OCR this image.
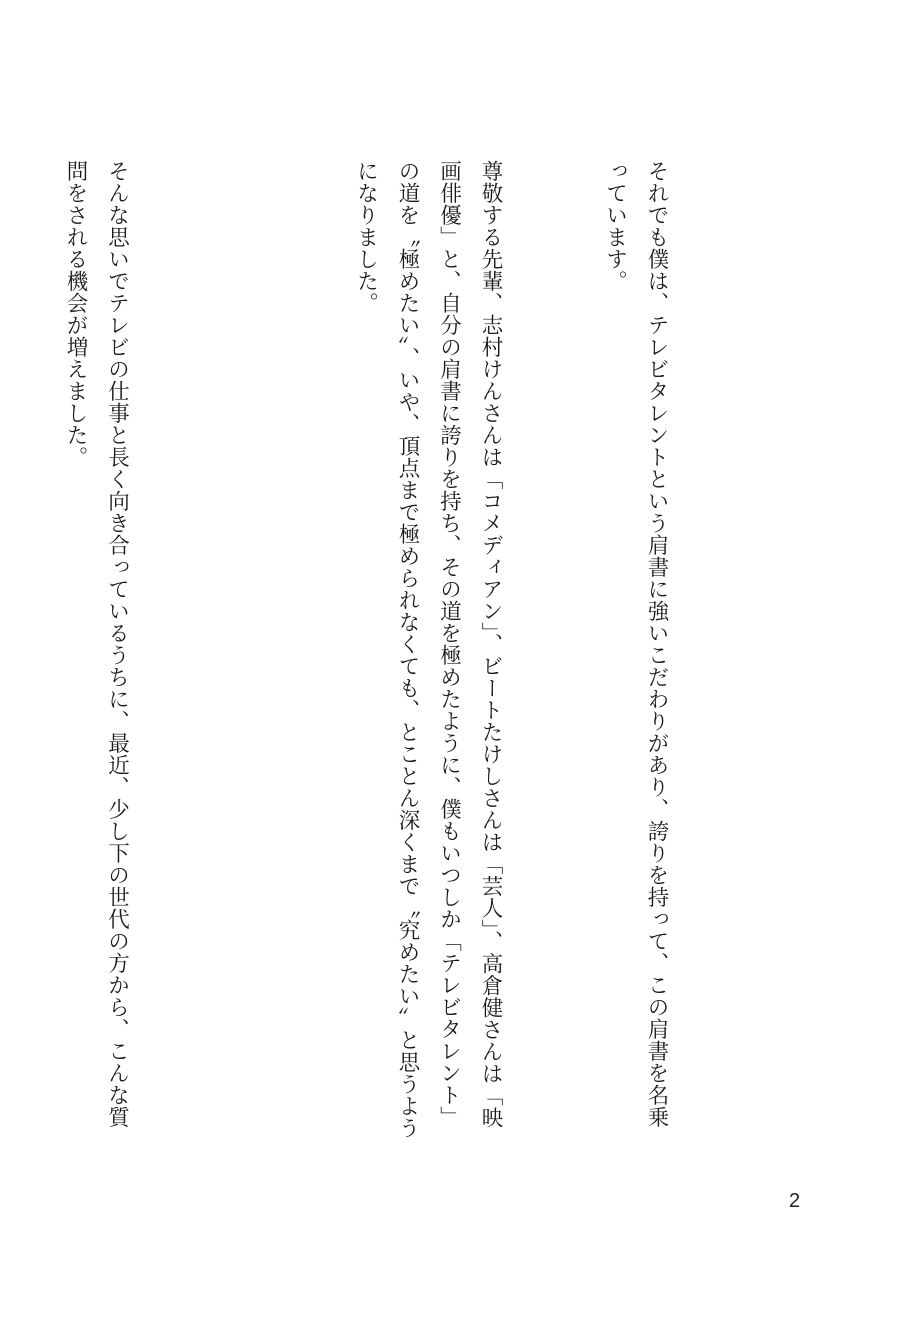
それでも僕は、テレビタレントという肩書に強いこだわりがあり、誇りを持って、この肩書を名乗っています。

尊敬する先輩、志村けんさんは「コメディアン」、ビートたけしさんは「芸人」、高倉健さんは「映画俳優」と、自分の肩書に誇りを持ち、その道を極めたように、僕もいつしか「テレビタレント」の道を〝極めたい〟、いや、頂点まで極められなくても、とことん深くまで〝究めたい〟と思うようになりました。

そんな思いでテレビの仕事と長く向き合っているうちに、最近、少し下の世代の方から、こんな質問をされる機会が増えました。

2
